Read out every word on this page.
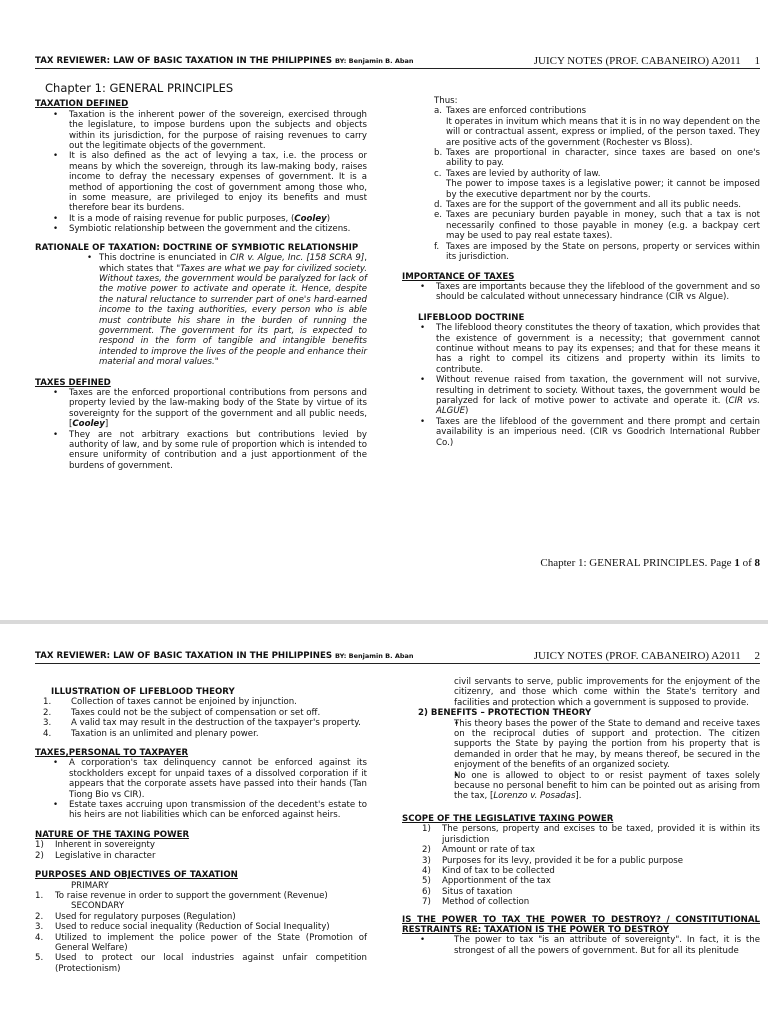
TAX REVIEWER: LAW OF BASIC TAXATION IN THE PHILIPPINES BY: Benjamin B. Aban	JUICY NOTES (PROF. CABANEIRO) A2011 1

Chapter 1: GENERAL PRINCIPLES

TAXATION DEFINED

• Taxation is the inherent power of the sovereign, exercised through the legislature, to impose burdens upon the subjects and objects within its jurisdiction, for the purpose of raising revenues to carry out the legitimate objects of the government.
• It is also defined as the act of levying a tax, i.e. the process or means by which the sovereign, through its law-making body, raises income to defray the necessary expenses of government. It is a method of apportioning the cost of government among those who, in some measure, are privileged to enjoy its benefits and must therefore bear its burdens.
• It is a mode of raising revenue for public purposes, (Cooley)
• Symbiotic relationship between the government and the citizens.

RATIONALE OF TAXATION: DOCTRINE OF SYMBIOTIC RELATIONSHIP

• This doctrine is enunciated in CIR v. Algue, Inc. [158 SCRA 9], which states that "Taxes are what we pay for civilized society. Without taxes, the government would be paralyzed for lack of the motive power to activate and operate it. Hence, despite the natural reluctance to surrender part of one's hard-earned income to the taxing authorities, every person who is able must contribute his share in the burden of running the government. The government for its part, is expected to respond in the form of tangible and intangible benefits intended to improve the lives of the people and enhance their material and moral values."

TAXES DEFINED

• Taxes are the enforced proportional contributions from persons and property levied by the law-making body of the State by virtue of its sovereignty for the support of the government and all public needs, [Cooley]
• They are not arbitrary exactions but contributions levied by authority of law, and by some rule of proportion which is intended to ensure uniformity of contribution and a just apportionment of the burdens of government.

Thus:

a. Taxes are enforced contributions
It operates in invitum which means that it is in no way dependent on the will or contractual assent, express or implied, of the person taxed. They are positive acts of the government (Rochester vs Bloss).
b. Taxes are proportional in character, since taxes are based on one's ability to pay.
c. Taxes are levied by authority of law.
The power to impose taxes is a legislative power; it cannot be imposed by the executive department nor by the courts.
d. Taxes are for the support of the government and all its public needs.
e. Taxes are pecuniary burden payable in money, such that a tax is not necessarily confined to those payable in money (e.g. a backpay cert may be used to pay real estate taxes).
f. Taxes are imposed by the State on persons, property or services within its jurisdiction.

IMPORTANCE OF TAXES

• Taxes are importants because they the lifeblood of the government and so should be calculated without unnecessary hindrance (CIR vs Algue).

LIFEBLOOD DOCTRINE

• The lifeblood theory constitutes the theory of taxation, which provides that the existence of government is a necessity; that government cannot continue without means to pay its expenses; and that for these means it has a right to compel its citizens and property within its limits to contribute.
• Without revenue raised from taxation, the government will not survive, resulting in detriment to society. Without taxes, the government would be paralyzed for lack of motive power to activate and operate it. (CIR vs. ALGUE)
• Taxes are the lifeblood of the government and there prompt and certain availability is an imperious need. (CIR vs Goodrich International Rubber Co.)
Chapter 1: GENERAL PRINCIPLES. Page 1 of 8
TAX REVIEWER: LAW OF BASIC TAXATION IN THE PHILIPPINES BY: Benjamin B. Aban	JUICY NOTES (PROF. CABANEIRO) A2011 2

ILLUSTRATION OF LIFEBLOOD THEORY

1. Collection of taxes cannot be enjoined by injunction.
2. Taxes could not be the subject of compensation or set off.
3. A valid tax may result in the destruction of the taxpayer's property.
4. Taxation is an unlimited and plenary power.

TAXES,PERSONAL TO TAXPAYER

• A corporation's tax delinquency cannot be enforced against its stockholders except for unpaid taxes of a dissolved corporation if it appears that the corporate assets have passed into their hands (Tan Tiong Bio vs CIR).
• Estate taxes accruing upon transmission of the decedent's estate to his heirs are not liabilities which can be enforced against heirs.

NATURE OF THE TAXING POWER

1) Inherent in sovereignty
2) Legislative in character

PURPOSES AND OBJECTIVES OF TAXATION

PRIMARY

1. To raise revenue in order to support the government (Revenue)

SECONDARY

2. Used for regulatory purposes (Regulation)
3. Used to reduce social inequality (Reduction of Social Inequality)
4. Utilized to implement the police power of the State (Promotion of General Welfare)
5. Used to protect our local industries against unfair competition (Protectionism)

civil servants to serve, public improvements for the enjoyment of the citizenry, and those which come within the State's territory and facilities and protection which a government is supposed to provide.

2) BENEFITS – PROTECTION THEORY

• This theory bases the power of the State to demand and receive taxes on the reciprocal duties of support and protection. The citizen supports the State by paying the portion from his property that is demanded in order that he may, by means thereof, be secured in the enjoyment of the benefits of an organized society.
• No one is allowed to object to or resist payment of taxes solely because no personal benefit to him can be pointed out as arising from the tax, [Lorenzo v. Posadas].

SCOPE OF THE LEGISLATIVE TAXING POWER

1) The persons, property and excises to be taxed, provided it is within its jurisdiction
2) Amount or rate of tax
3) Purposes for its levy, provided it be for a public purpose
4) Kind of tax to be collected
5) Apportionment of the tax
6) Situs of taxation
7) Method of collection

IS THE POWER TO TAX THE POWER TO DESTROY? / CONSTITUTIONAL RESTRAINTS RE: TAXATION IS THE POWER TO DESTROY

• The power to tax "is an attribute of sovereignty". In fact, it is the strongest of all the powers of government. But for all its plenitude
